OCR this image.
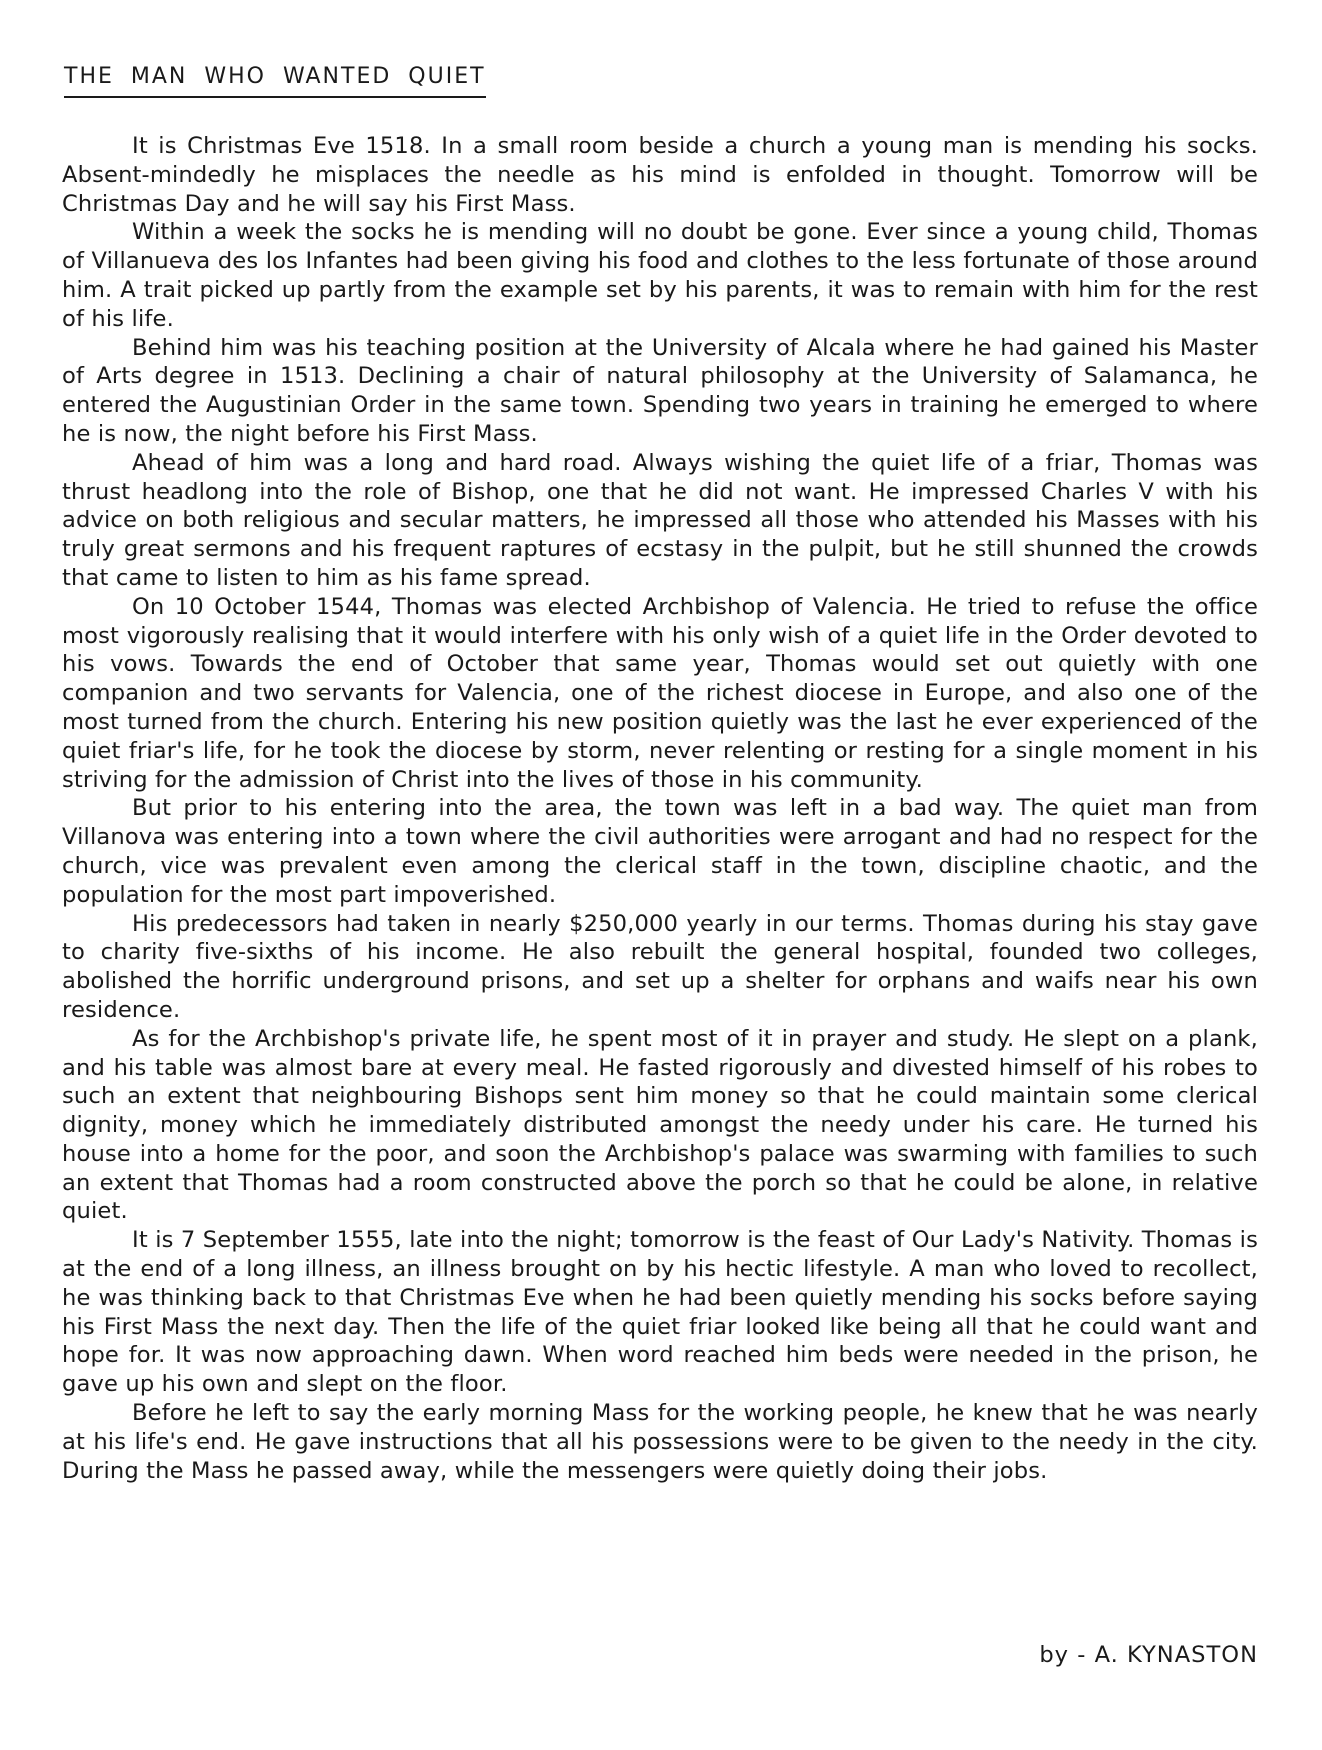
THE MAN WHO WANTED QUIET

It is Christmas Eve 1518. In a small room beside a church a young man is mending his socks. Absent-mindedly he misplaces the needle as his mind is enfolded in thought. Tomorrow will be Christmas Day and he will say his First Mass.

Within a week the socks he is mending will no doubt be gone. Ever since a young child, Thomas of Villanueva des los Infantes had been giving his food and clothes to the less fortunate of those around him. A trait picked up partly from the example set by his parents, it was to remain with him for the rest of his life.

Behind him was his teaching position at the University of Alcala where he had gained his Master of Arts degree in 1513. Declining a chair of natural philosophy at the University of Salamanca, he entered the Augustinian Order in the same town. Spending two years in training he emerged to where he is now, the night before his First Mass.

Ahead of him was a long and hard road. Always wishing the quiet life of a friar, Thomas was thrust headlong into the role of Bishop, one that he did not want. He impressed Charles V with his advice on both religious and secular matters, he impressed all those who attended his Masses with his truly great sermons and his frequent raptures of ecstasy in the pulpit, but he still shunned the crowds that came to listen to him as his fame spread.

On 10 October 1544, Thomas was elected Archbishop of Valencia. He tried to refuse the office most vigorously realising that it would interfere with his only wish of a quiet life in the Order devoted to his vows. Towards the end of October that same year, Thomas would set out quietly with one companion and two servants for Valencia, one of the richest diocese in Europe, and also one of the most turned from the church. Entering his new position quietly was the last he ever experienced of the quiet friar's life, for he took the diocese by storm, never relenting or resting for a single moment in his striving for the admission of Christ into the lives of those in his community.

But prior to his entering into the area, the town was left in a bad way. The quiet man from Villanova was entering into a town where the civil authorities were arrogant and had no respect for the church, vice was prevalent even among the clerical staff in the town, discipline chaotic, and the population for the most part impoverished.

His predecessors had taken in nearly $250,000 yearly in our terms. Thomas during his stay gave to charity five-sixths of his income. He also rebuilt the general hospital, founded two colleges, abolished the horrific underground prisons, and set up a shelter for orphans and waifs near his own residence.

As for the Archbishop's private life, he spent most of it in prayer and study. He slept on a plank, and his table was almost bare at every meal. He fasted rigorously and divested himself of his robes to such an extent that neighbouring Bishops sent him money so that he could maintain some clerical dignity, money which he immediately distributed amongst the needy under his care. He turned his house into a home for the poor, and soon the Archbishop's palace was swarming with families to such an extent that Thomas had a room constructed above the porch so that he could be alone, in relative quiet.

It is 7 September 1555, late into the night; tomorrow is the feast of Our Lady's Nativity. Thomas is at the end of a long illness, an illness brought on by his hectic lifestyle. A man who loved to recollect, he was thinking back to that Christmas Eve when he had been quietly mending his socks before saying his First Mass the next day. Then the life of the quiet friar looked like being all that he could want and hope for. It was now approaching dawn. When word reached him beds were needed in the prison, he gave up his own and slept on the floor.

Before he left to say the early morning Mass for the working people, he knew that he was nearly at his life's end. He gave instructions that all his possessions were to be given to the needy in the city. During the Mass he passed away, while the messengers were quietly doing their jobs.

by - A. KYNASTON
